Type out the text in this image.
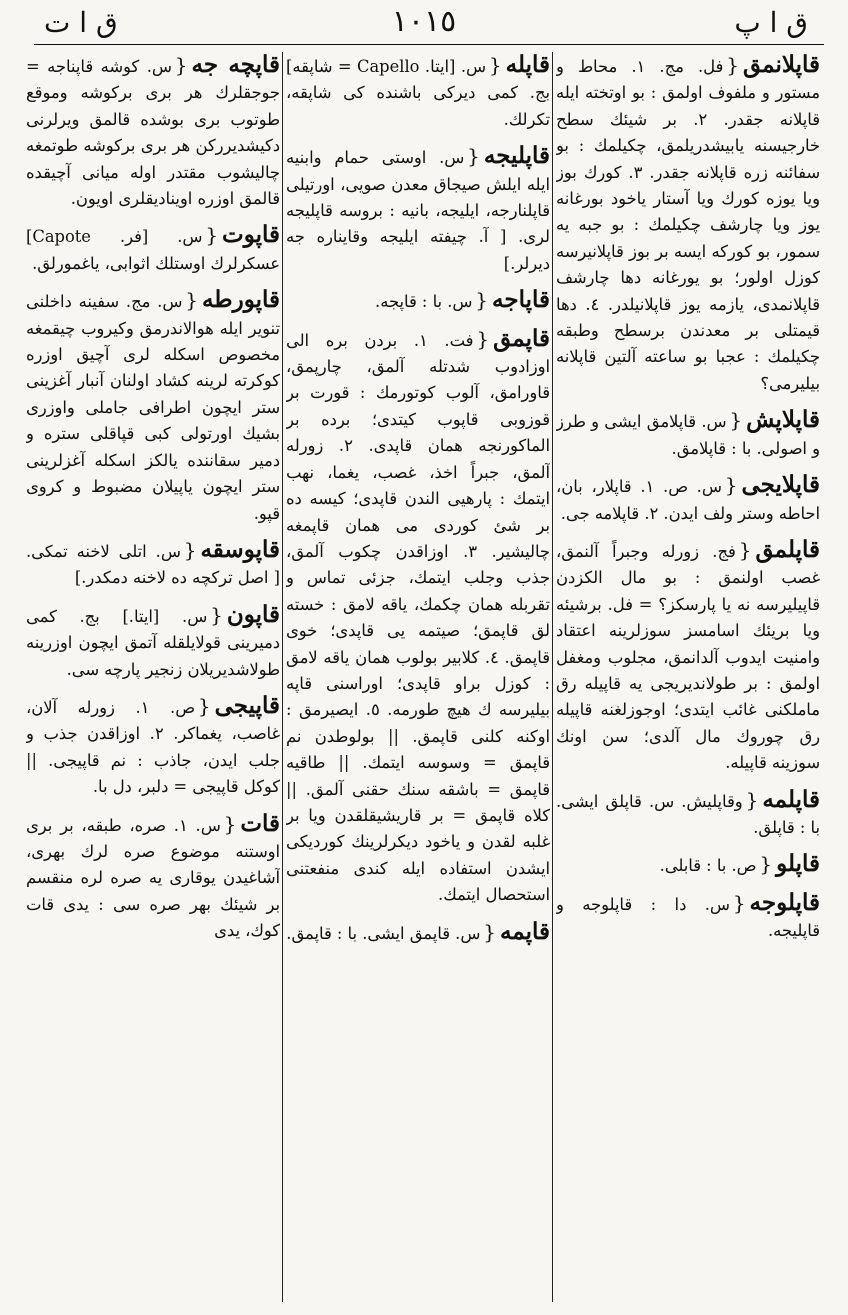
ق ا پ
١٠١٥
ق ا ت

قاپلانمق{فل. مج. ١. محاط و مستور و ملفوف اولمق : بو اوتخته ايله قاپلانه جقدر. ٢. بر شيئك سطح خارجيسنه يابيشدريلمق، چكيلمك : بو سفائنه زره قاپلانه جقدر. ٣. كورك بوز ويا يوزه كورك ويا آستار ياخود بورغانه يوز ويا چارشف چكيلمك : بو جبه يه سمور، بو كوركه ايسه بر بوز قاپلانيرسه كوزل اولور؛ بو يورغانه دها چارشف قاپلانمدی، يازمه يوز قاپلانيلدر. ٤. دها قيمتلی بر معدندن برسطح وطبقه چكيلمك : عجبا بو ساعته آلتين قاپلانه بيليرمی؟

قاپلاپش{س. قاپلامق ايشی و طرز و اصولی. با : قاپلامق.

قاپلايجی{س. ص. ١. قاپلار، بان، احاطه وستر ولف ايدن. ٢. قاپلامه جی.

قاپلمق{فج. زورله وجبراً آلنمق، غصب اولنمق : بو مال الكزدن قاپيليرسه نه يا پارسكز؟ = فل. برشيئه ويا بريئك اسامسز سوزلرينه اعتقاد وامنيت ايدوب آلدانمق، مجلوب ومغفل اولمق : بر طولانديريجی يه قاپيله رق ماملكنی غائب ايتدی؛ اوجوزلغنه قاپيله رق چوروك مال آلدی؛ سن اونك سوزينه قاپيله.

قاپلمه{وقاپليش. س. قاپلق ايشی. با : قاپلق.

قاپلو{ص. با : قابلی.

قاپلوجه{س. دا : قاپلوجه و قاپليجه.

قاپله{س. [ايتا. Capello = شاپقه] بج. كمی ديركی باشنده كی شاپقه، تكرلك.

قاپليجه{س. اوستی حمام وابنيه ايله ايلش صيجاق معدن صويی، اورتيلی قاپلنارجه، ايليجه، بانيه : بروسه قاپليجه لری. [ آ. چيفته ايليجه وقايناره جه ديرلر.]

قاپاجه{س. با : قاپجه.

قاپمق{فت. ١. بردن بره الی اوزادوب شدتله آلمق، چارپمق، قاورامق، آلوب كوتورمك : قورت بر قوزوبی قاپوب كيتدی؛ برده بر الماكورنجه همان قاپدی. ٢. زورله آلمق، جبراً اخذ، غصب، يغما، نهب ايتمك : پارهيی الندن قاپدی؛ كيسه ده بر شئ كوردی می همان قاپمغه چاليشير. ٣. اوزاقدن چكوب آلمق، جذب وجلب ايتمك، جزئی تماس و تقربله همان چكمك، ياقه لامق : خسته لق قاپمق؛ صيتمه يی قاپدی؛ خوی قاپمق. ٤. كلابير بولوب همان ياقه لامق : كوزل براو قاپدی؛ اوراسنی قاپه بيليرسه ك هيچ طورمه. ٥. ايصيرمق : اوكنه كلنی قاپمق. || بولوطدن نم قاپمق = وسوسه ايتمك. || طاقيه قاپمق = باشقه سنك حقنی آلمق. || كلاه قاپمق = بر قاريشيقلقدن ويا بر غلبه لقدن و ياخود ديكرلرينك كورديكی ايشدن استفاده ايله كندی منفعتنی استحصال ايتمك.

قاپمه{س. قاپمق ايشی. با : قاپمق.

قاپچه جه{س. كوشه قاپناجه = جوجقلرك هر بری بركوشه وموقع طوتوب بری بوشده قالمق ويرلرنی دكيشديرركن هر بری بركوشه طوتمغه چاليشوب مقتدر اوله ميانی آچيقده قالمق اوزره اويناديقلری اويون.

قاپوت{س. [فر. Capote] عسكرلرك اوستلك اثوابی، ياغمورلق.

قاپورطه{س. مج. سفينه داخلنی تنوير ايله هوالاندرمق وكيروب چيقمغه مخصوص اسكله لری آچيق اوزره كوكرته لرينه كشاد اولنان آنبار آغزينی ستر ايچون اطرافی جاملی واوزری بشيك اورتولی كبی قپاقلی ستره و دمير سقاننده يالكز اسكله آغزلرينی ستر ايچون ياپيلان مضبوط و كروی قپو.

قاپوسقه{س. اتلی لاخنه تمكی. [ اصل تركچه ده لاخنه دمكدر.]

قاپون{س. [ايتا.] بج. كمی دميرينی قولايلقله آتمق ايچون اوزرينه طولاشديريلان زنجير پارچه سی.

قاپيجی{ص. ١. زورله آلان، غاصب، يغماكر. ٢. اوزاقدن جذب و جلب ايدن، جاذب : نم قاپيجی. || كوكل قاپيجی = دلبر، دل با.

قات{س. ١. صره، طبقه، بر بری اوستنه موضوع صره لرك بهری، آشاغيدن يوقاری يه صره لره منقسم بر شيئك بهر صره سی : يدی قات كوك، يدی
